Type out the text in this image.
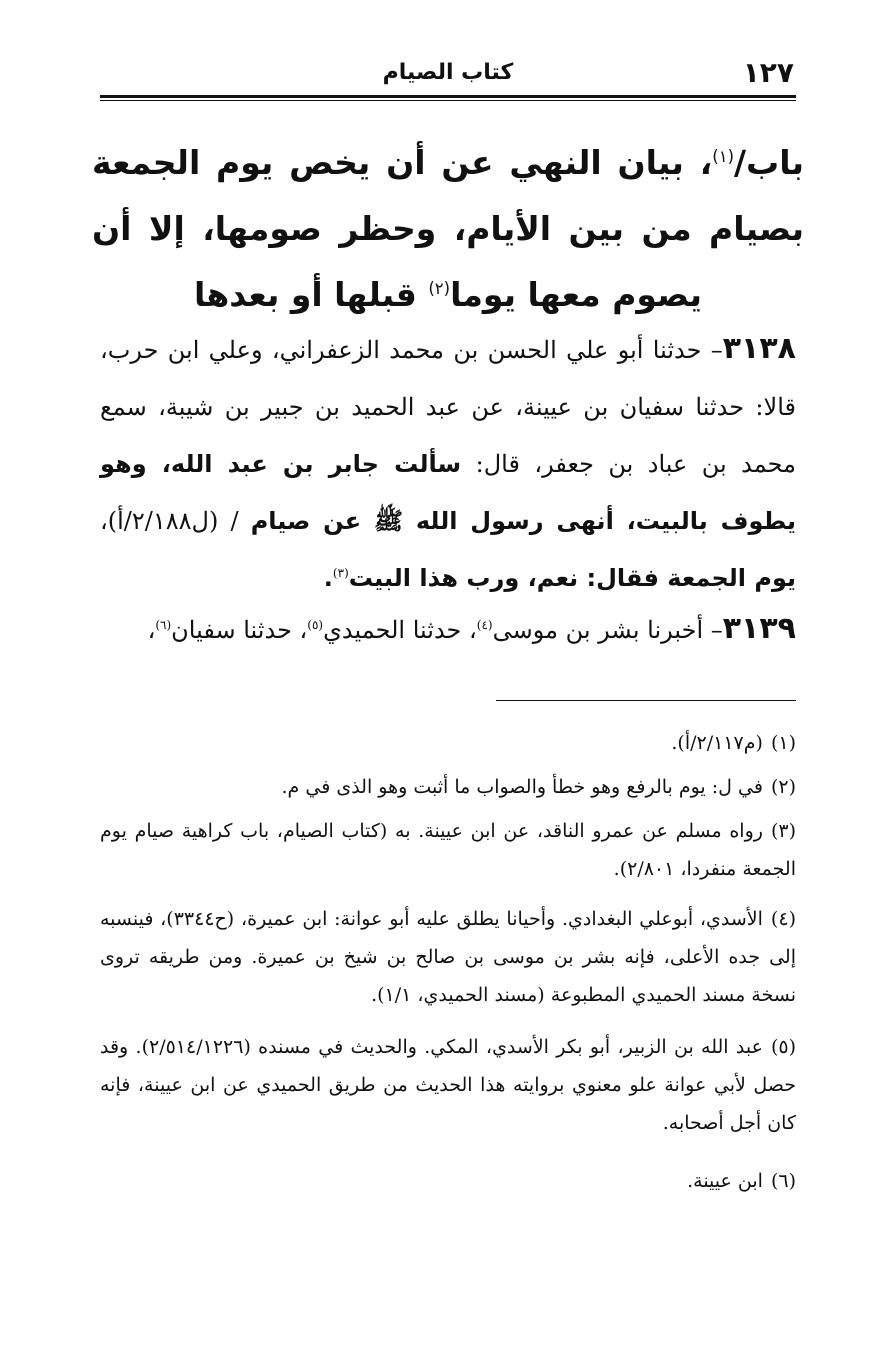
١٢٧
كتاب الصيام
باب/$^{(١)}$، بيان النهي عن أن يخص يوم الجمعة بصيام من بين الأيام، وحظر صومها، إلا أن يصوم معها يوما$^{(٢)}$ قبلها أو بعدها
٣١٣٨– حدثنا أبو علي الحسن بن محمد الزعفراني، وعلي ابن حرب، قالا: حدثنا سفيان بن عيينة، عن عبد الحميد بن جبير بن شيبة، سمع محمد بن عباد بن جعفر، قال: سألت جابر بن عبد الله، وهو يطوف بالبيت، أنهى رسول الله ﷺ عن صيام / (ل٢/١٨٨/أ)، يوم الجمعة فقال: نعم، ورب هذا البيت$^{(٣)}$.
٣١٣٩– أخبرنا بشر بن موسى$^{(٤)}$، حدثنا الحميدي$^{(٥)}$، حدثنا سفيان$^{(٦)}$،
(١)(م٢/١١٧/أ).
(٢)في ل: يوم بالرفع وهو خطأ والصواب ما أثبت وهو الذى في م.
(٣)رواه مسلم عن عمرو الناقد، عن ابن عيينة. به (كتاب الصيام، باب كراهية صيام يوم الجمعة منفردا، ٢/٨٠١).
(٤)الأسدي، أبوعلي البغدادي. وأحيانا يطلق عليه أبو عوانة: ابن عميرة، (ح٣٣٤٤)، فينسبه إلى جده الأعلى، فإنه بشر بن موسى بن صالح بن شيخ بن عميرة. ومن طريقه تروى نسخة مسند الحميدي المطبوعة (مسند الحميدي، ١/١).
(٥)عبد الله بن الزبير، أبو بكر الأسدي، المكي. والحديث في مسنده (٢/٥١٤/١٢٢٦). وقد حصل لأبي عوانة علو معنوي بروايته هذا الحديث من طريق الحميدي عن ابن عيينة، فإنه كان أجل أصحابه.
(٦)ابن عيينة.
